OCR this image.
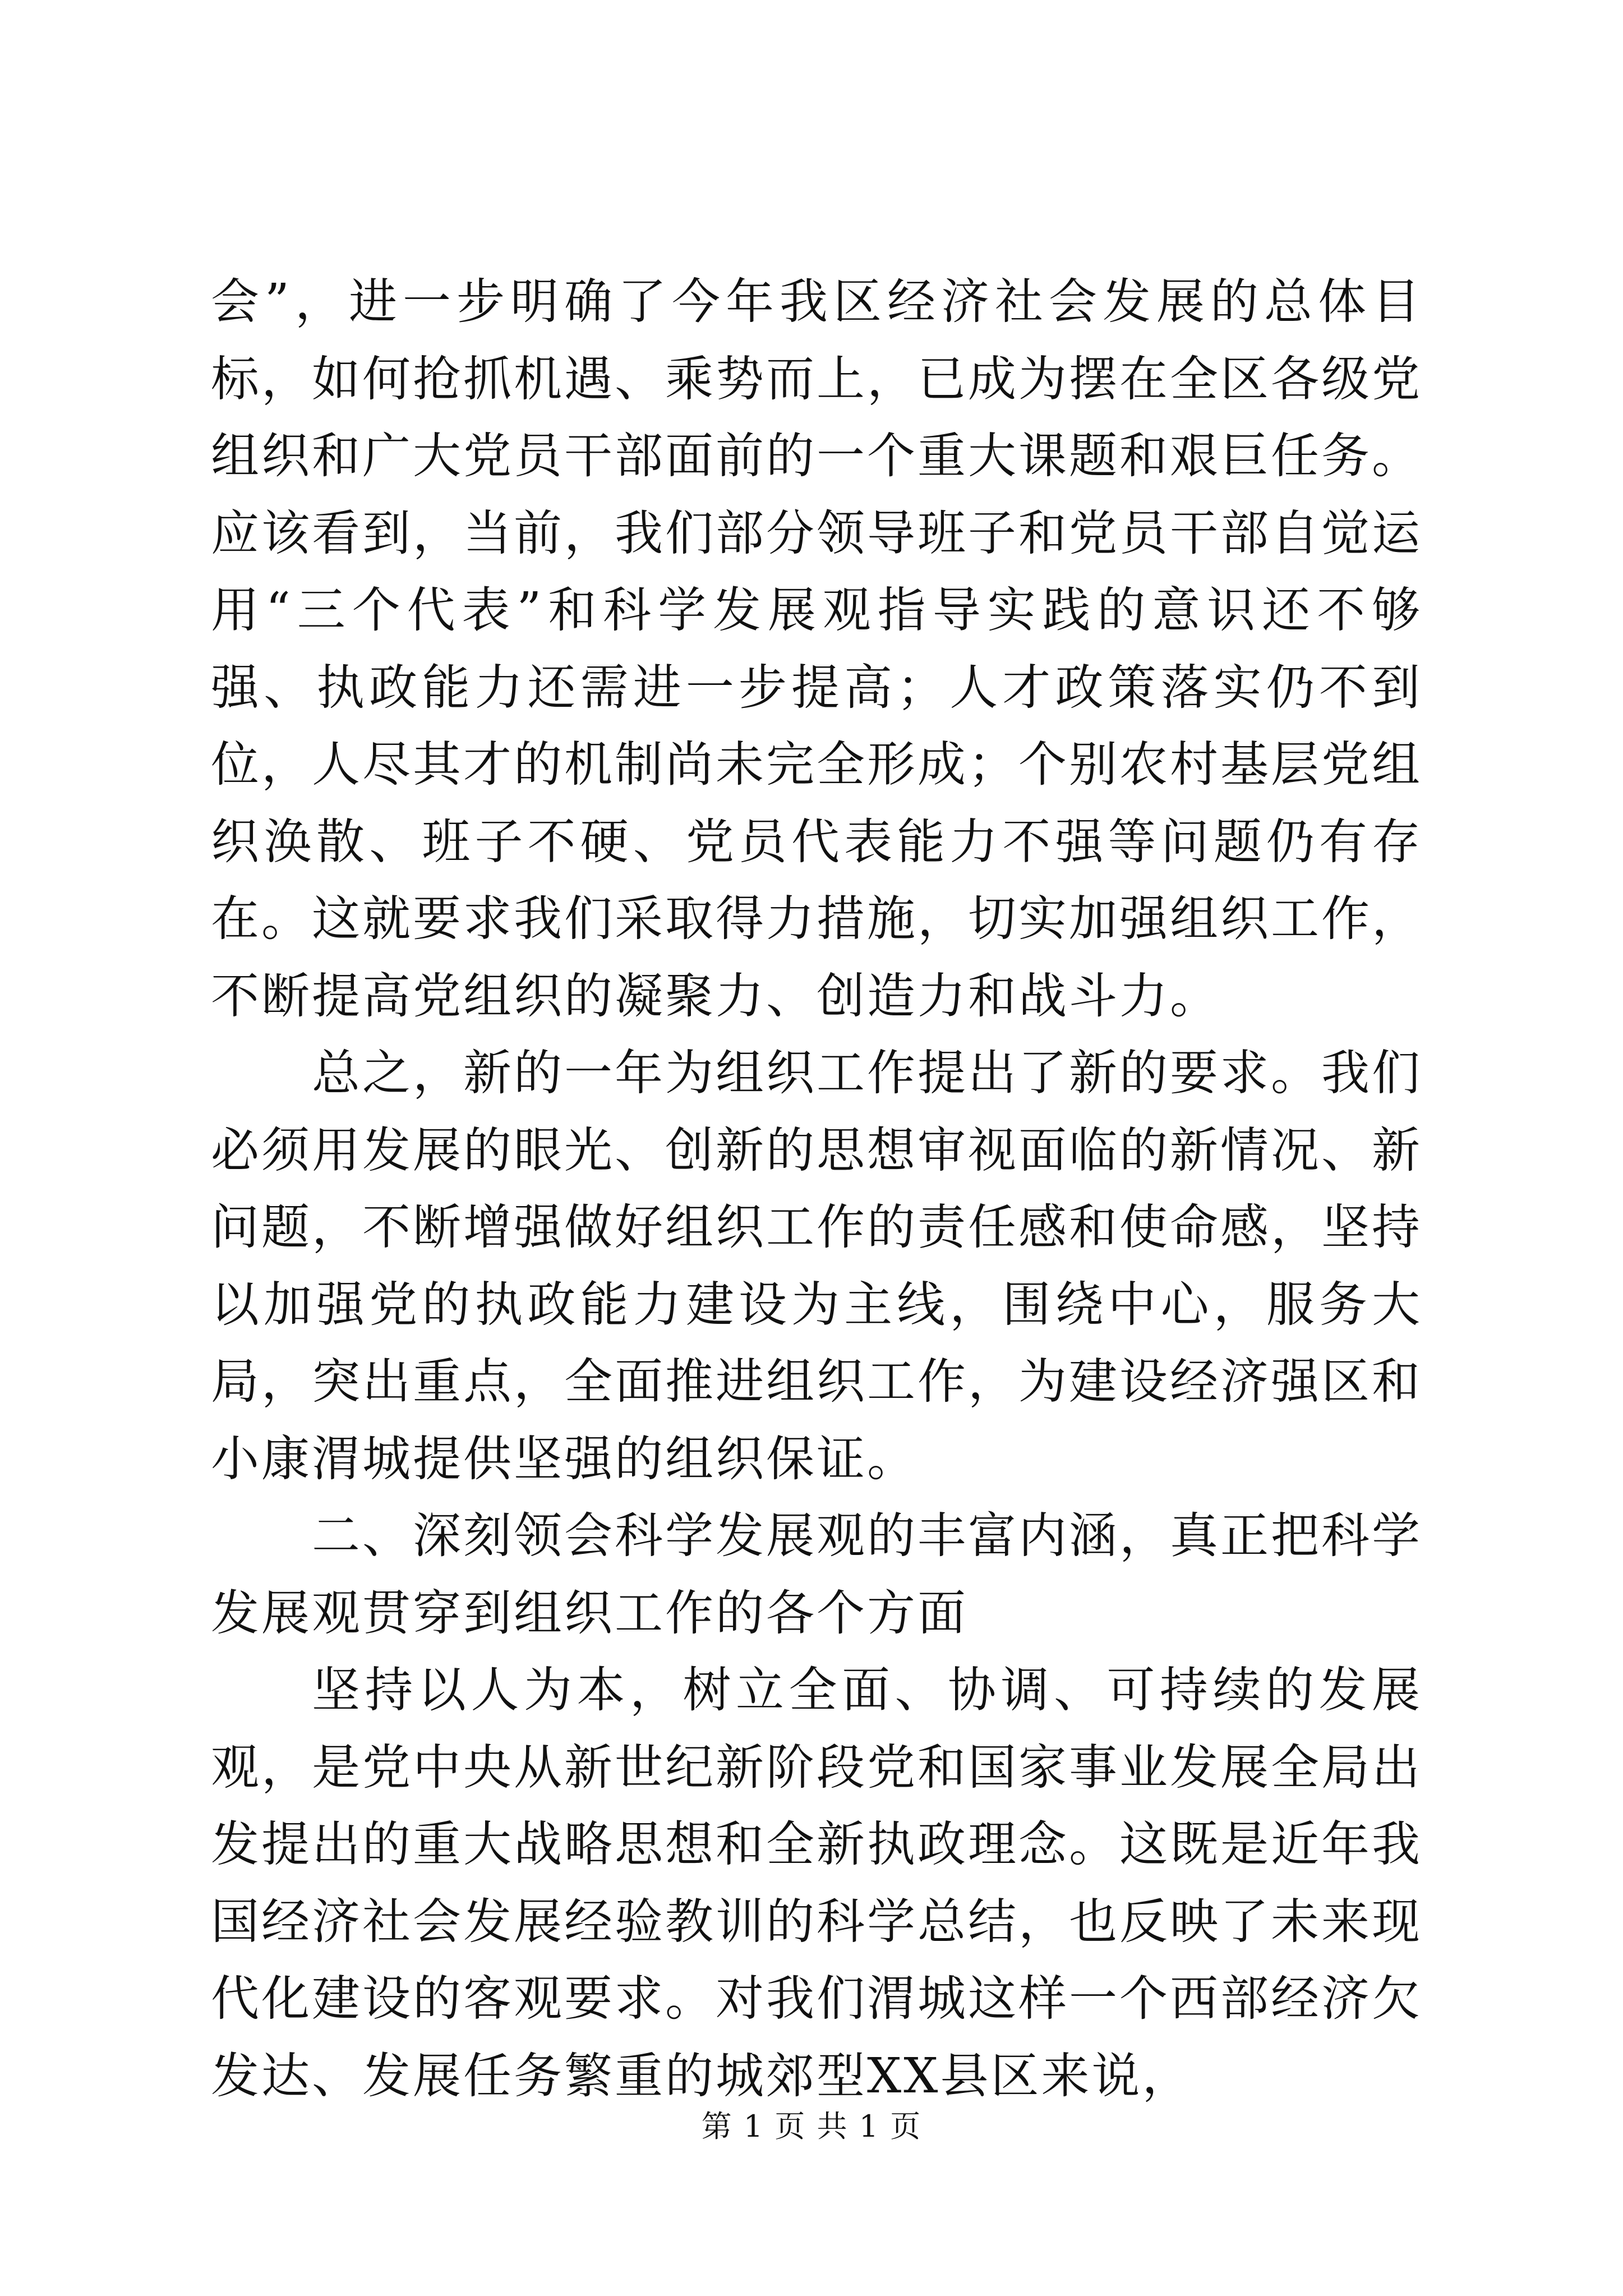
会”，进一步明确了今年我区经济社会发展的总体目标，如何抢抓机遇、乘势而上，已成为摆在全区各级党组织和广大党员干部面前的一个重大课题和艰巨任务。应该看到，当前，我们部分领导班子和党员干部自觉运用“三个代表”和科学发展观指导实践的意识还不够强、执政能力还需进一步提高；人才政策落实仍不到位，人尽其才的机制尚未完全形成；个别农村基层党组织涣散、班子不硬、党员代表能力不强等问题仍有存在。这就要求我们采取得力措施，切实加强组织工作，不断提高党组织的凝聚力、创造力和战斗力。

总之，新的一年为组织工作提出了新的要求。我们必须用发展的眼光、创新的思想审视面临的新情况、新问题，不断增强做好组织工作的责任感和使命感，坚持以加强党的执政能力建设为主线，围绕中心，服务大局，突出重点，全面推进组织工作，为建设经济强区和小康渭城提供坚强的组织保证。

二、深刻领会科学发展观的丰富内涵，真正把科学发展观贯穿到组织工作的各个方面

坚持以人为本，树立全面、协调、可持续的发展观，是党中央从新世纪新阶段党和国家事业发展全局出发提出的重大战略思想和全新执政理念。这既是近年我国经济社会发展经验教训的科学总结，也反映了未来现代化建设的客观要求。对我们渭城这样一个西部经济欠发达、发展任务繁重的城郊型XX县区来说，

第 1 页 共 1 页
